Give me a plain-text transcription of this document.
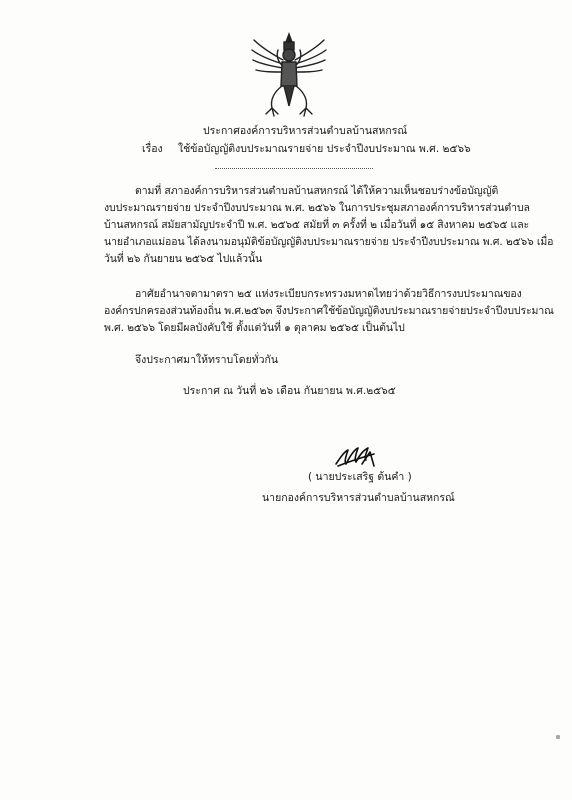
ประกาศองค์การบริหารส่วนตำบลบ้านสหกรณ์
เรื่อง ใช้ข้อบัญญัติงบประมาณรายจ่าย ประจำปีงบประมาณ พ.ศ. ๒๕๖๖
ตามที่ สภาองค์การบริหารส่วนตำบลบ้านสหกรณ์ ได้ให้ความเห็นชอบร่างข้อบัญญัติ
งบประมาณรายจ่าย ประจำปีงบประมาณ พ.ศ. ๒๕๖๖ ในการประชุมสภาองค์การบริหารส่วนตำบล
บ้านสหกรณ์ สมัยสามัญประจำปี พ.ศ. ๒๕๖๕ สมัยที่ ๓ ครั้งที่ ๒ เมื่อวันที่ ๑๕ สิงหาคม ๒๕๖๕ และ
นายอำเภอแม่ออน ได้ลงนามอนุมัติข้อบัญญัติงบประมาณรายจ่าย ประจำปีงบประมาณ พ.ศ. ๒๕๖๖ เมื่อ
วันที่ ๒๖ กันยายน ๒๕๖๕ ไปแล้วนั้น
อาศัยอำนาจตามาตรา ๒๕ แห่งระเบียบกระทรวงมหาดไทยว่าด้วยวิธีการงบประมาณของ
องค์กรปกครองส่วนท้องถิ่น พ.ศ.๒๕๖๓ จึงประกาศใช้ข้อบัญญัติงบประมาณรายจ่ายประจำปีงบประมาณ
พ.ศ. ๒๕๖๖ โดยมีผลบังคับใช้ ตั้งแต่วันที่ ๑ ตุลาคม ๒๕๖๕ เป็นต้นไป
จึงประกาศมาให้ทราบโดยทั่วกัน
ประกาศ ณ วันที่ ๒๖ เดือน กันยายน พ.ศ.๒๕๖๕
( นายประเสริฐ ต้นคำ )
นายกองค์การบริหารส่วนตำบลบ้านสหกรณ์
